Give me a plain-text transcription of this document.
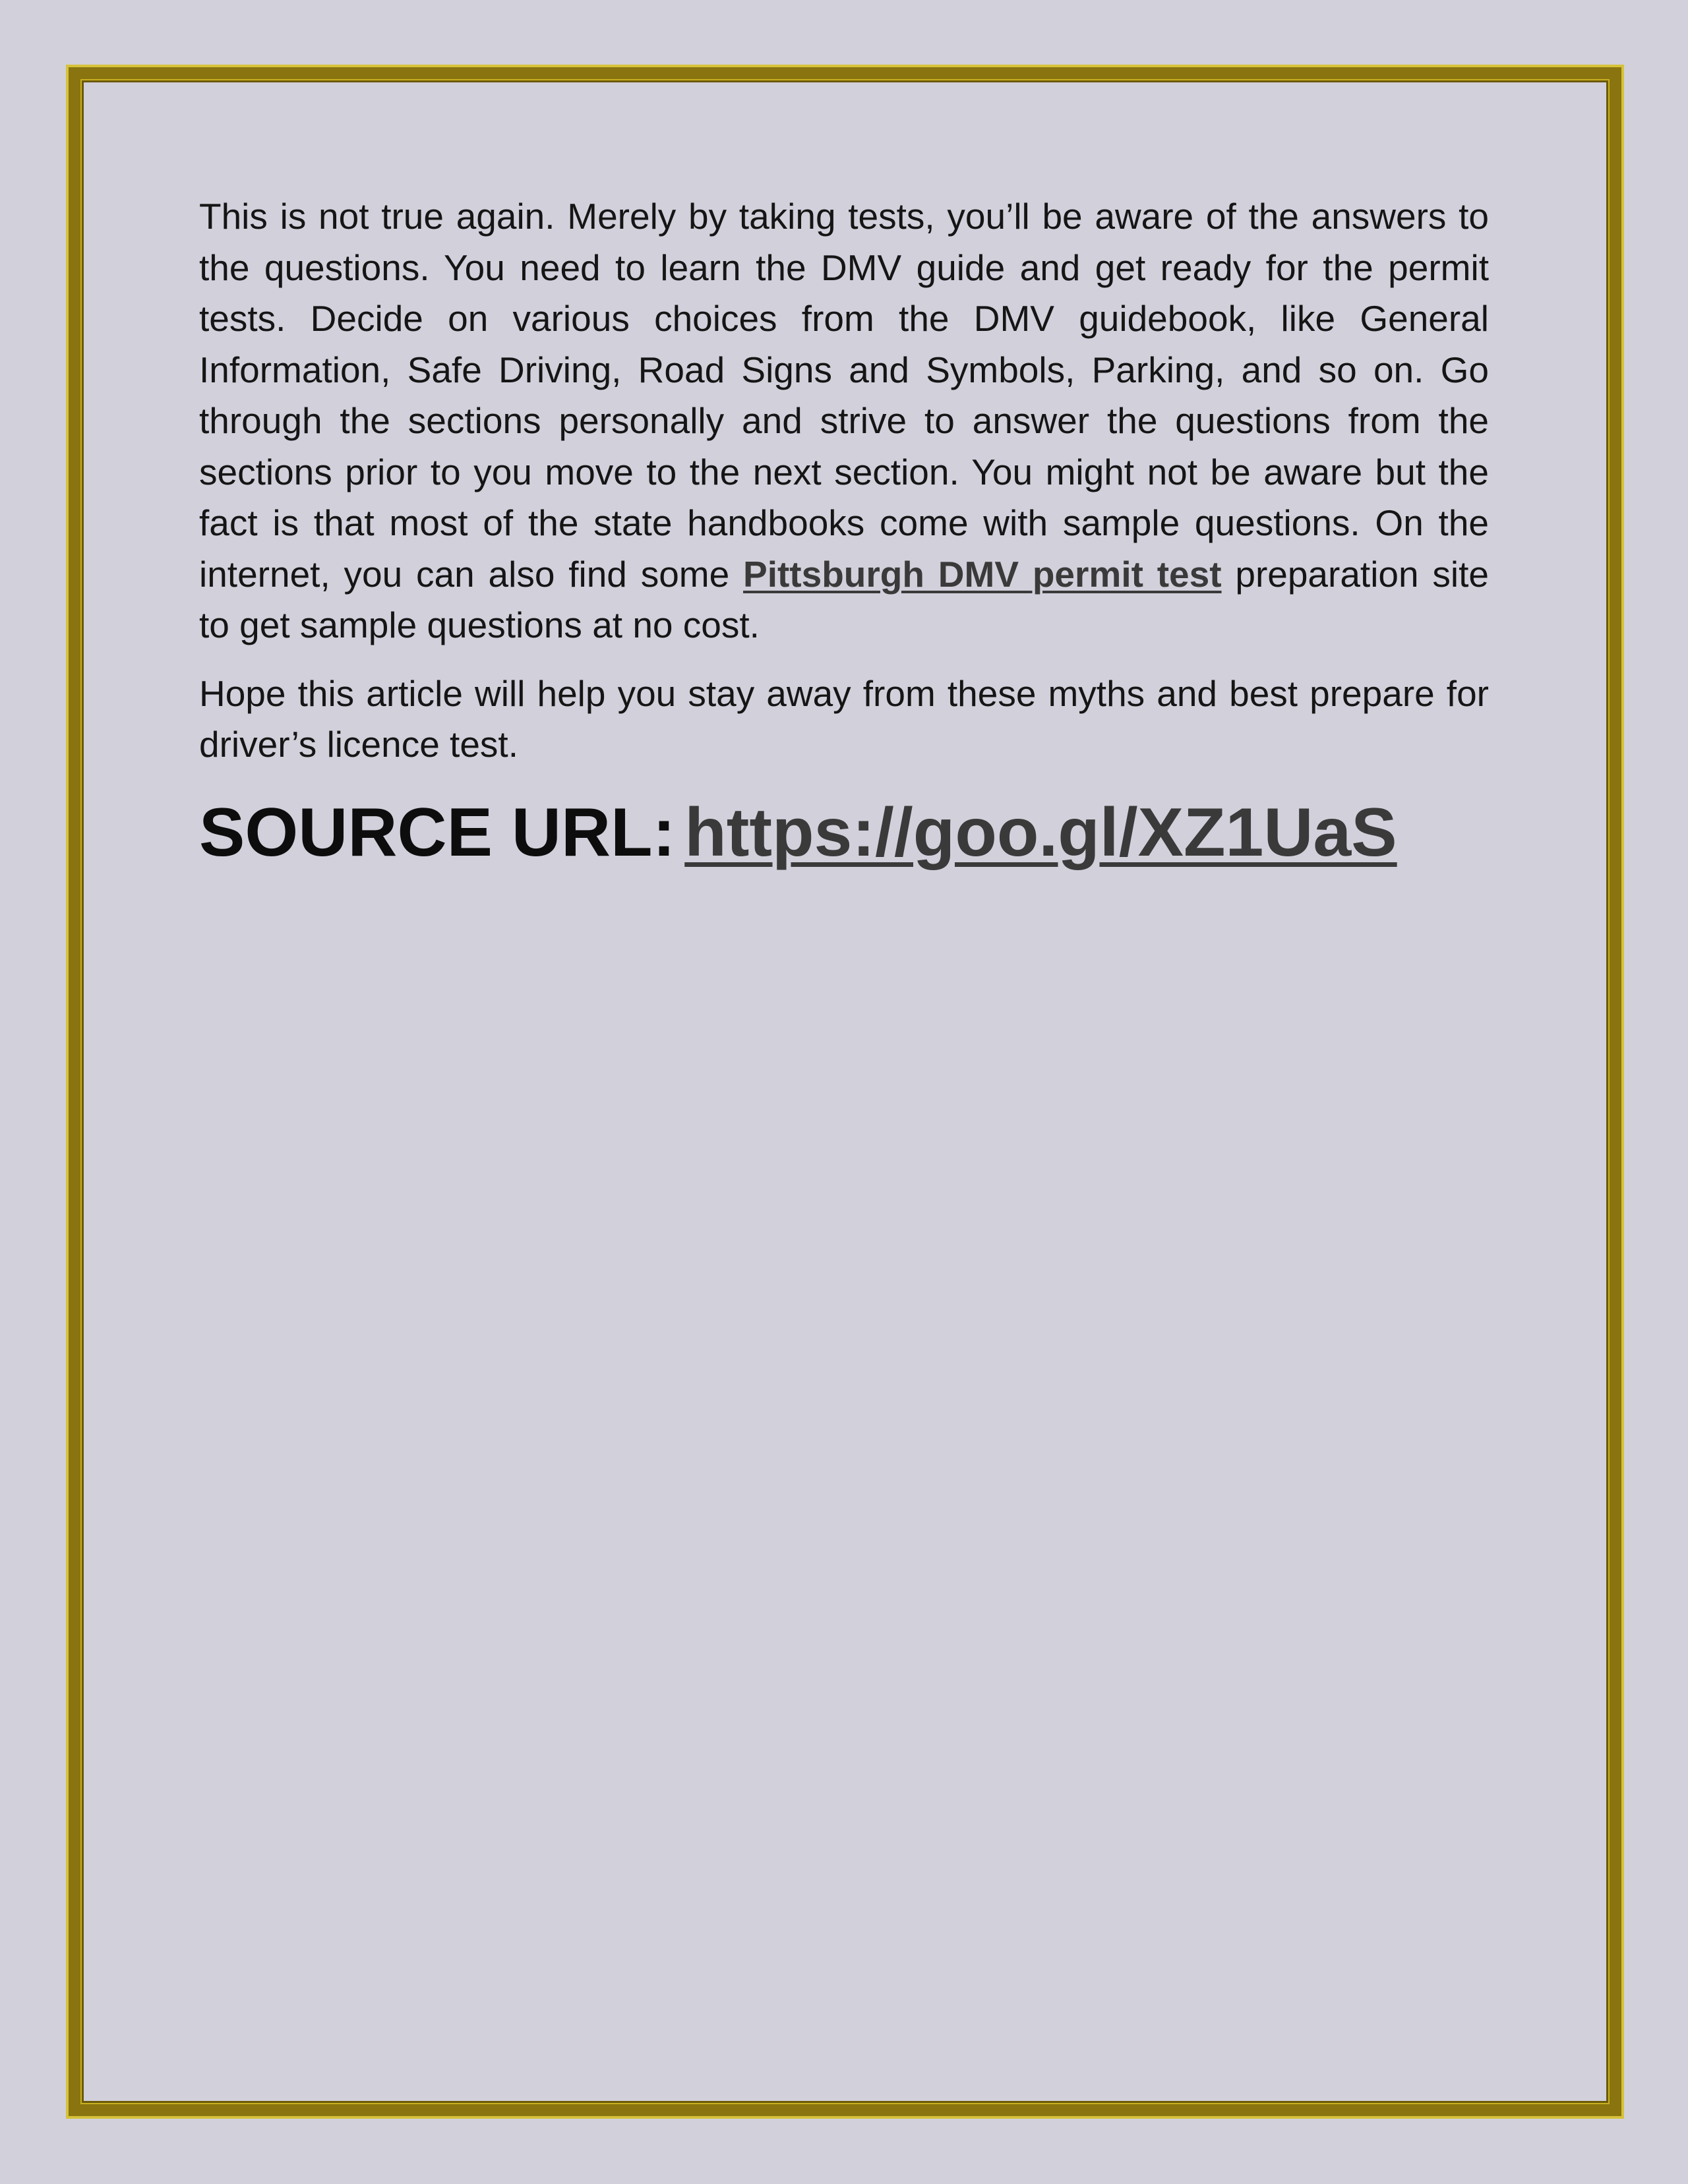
This is not true again. Merely by taking tests, you’ll be aware of the answers to the questions. You need to learn the DMV guide and get ready for the permit tests. Decide on various choices from the DMV guidebook, like General Information, Safe Driving, Road Signs and Symbols, Parking, and so on. Go through the sections personally and strive to answer the questions from the sections prior to you move to the next section. You might not be aware but the fact is that most of the state handbooks come with sample questions. On the internet, you can also find some Pittsburgh DMV permit test preparation site to get sample questions at no cost.

Hope this article will help you stay away from these myths and best prepare for driver’s licence test.

SOURCE URL: https://goo.gl/XZ1UaS
